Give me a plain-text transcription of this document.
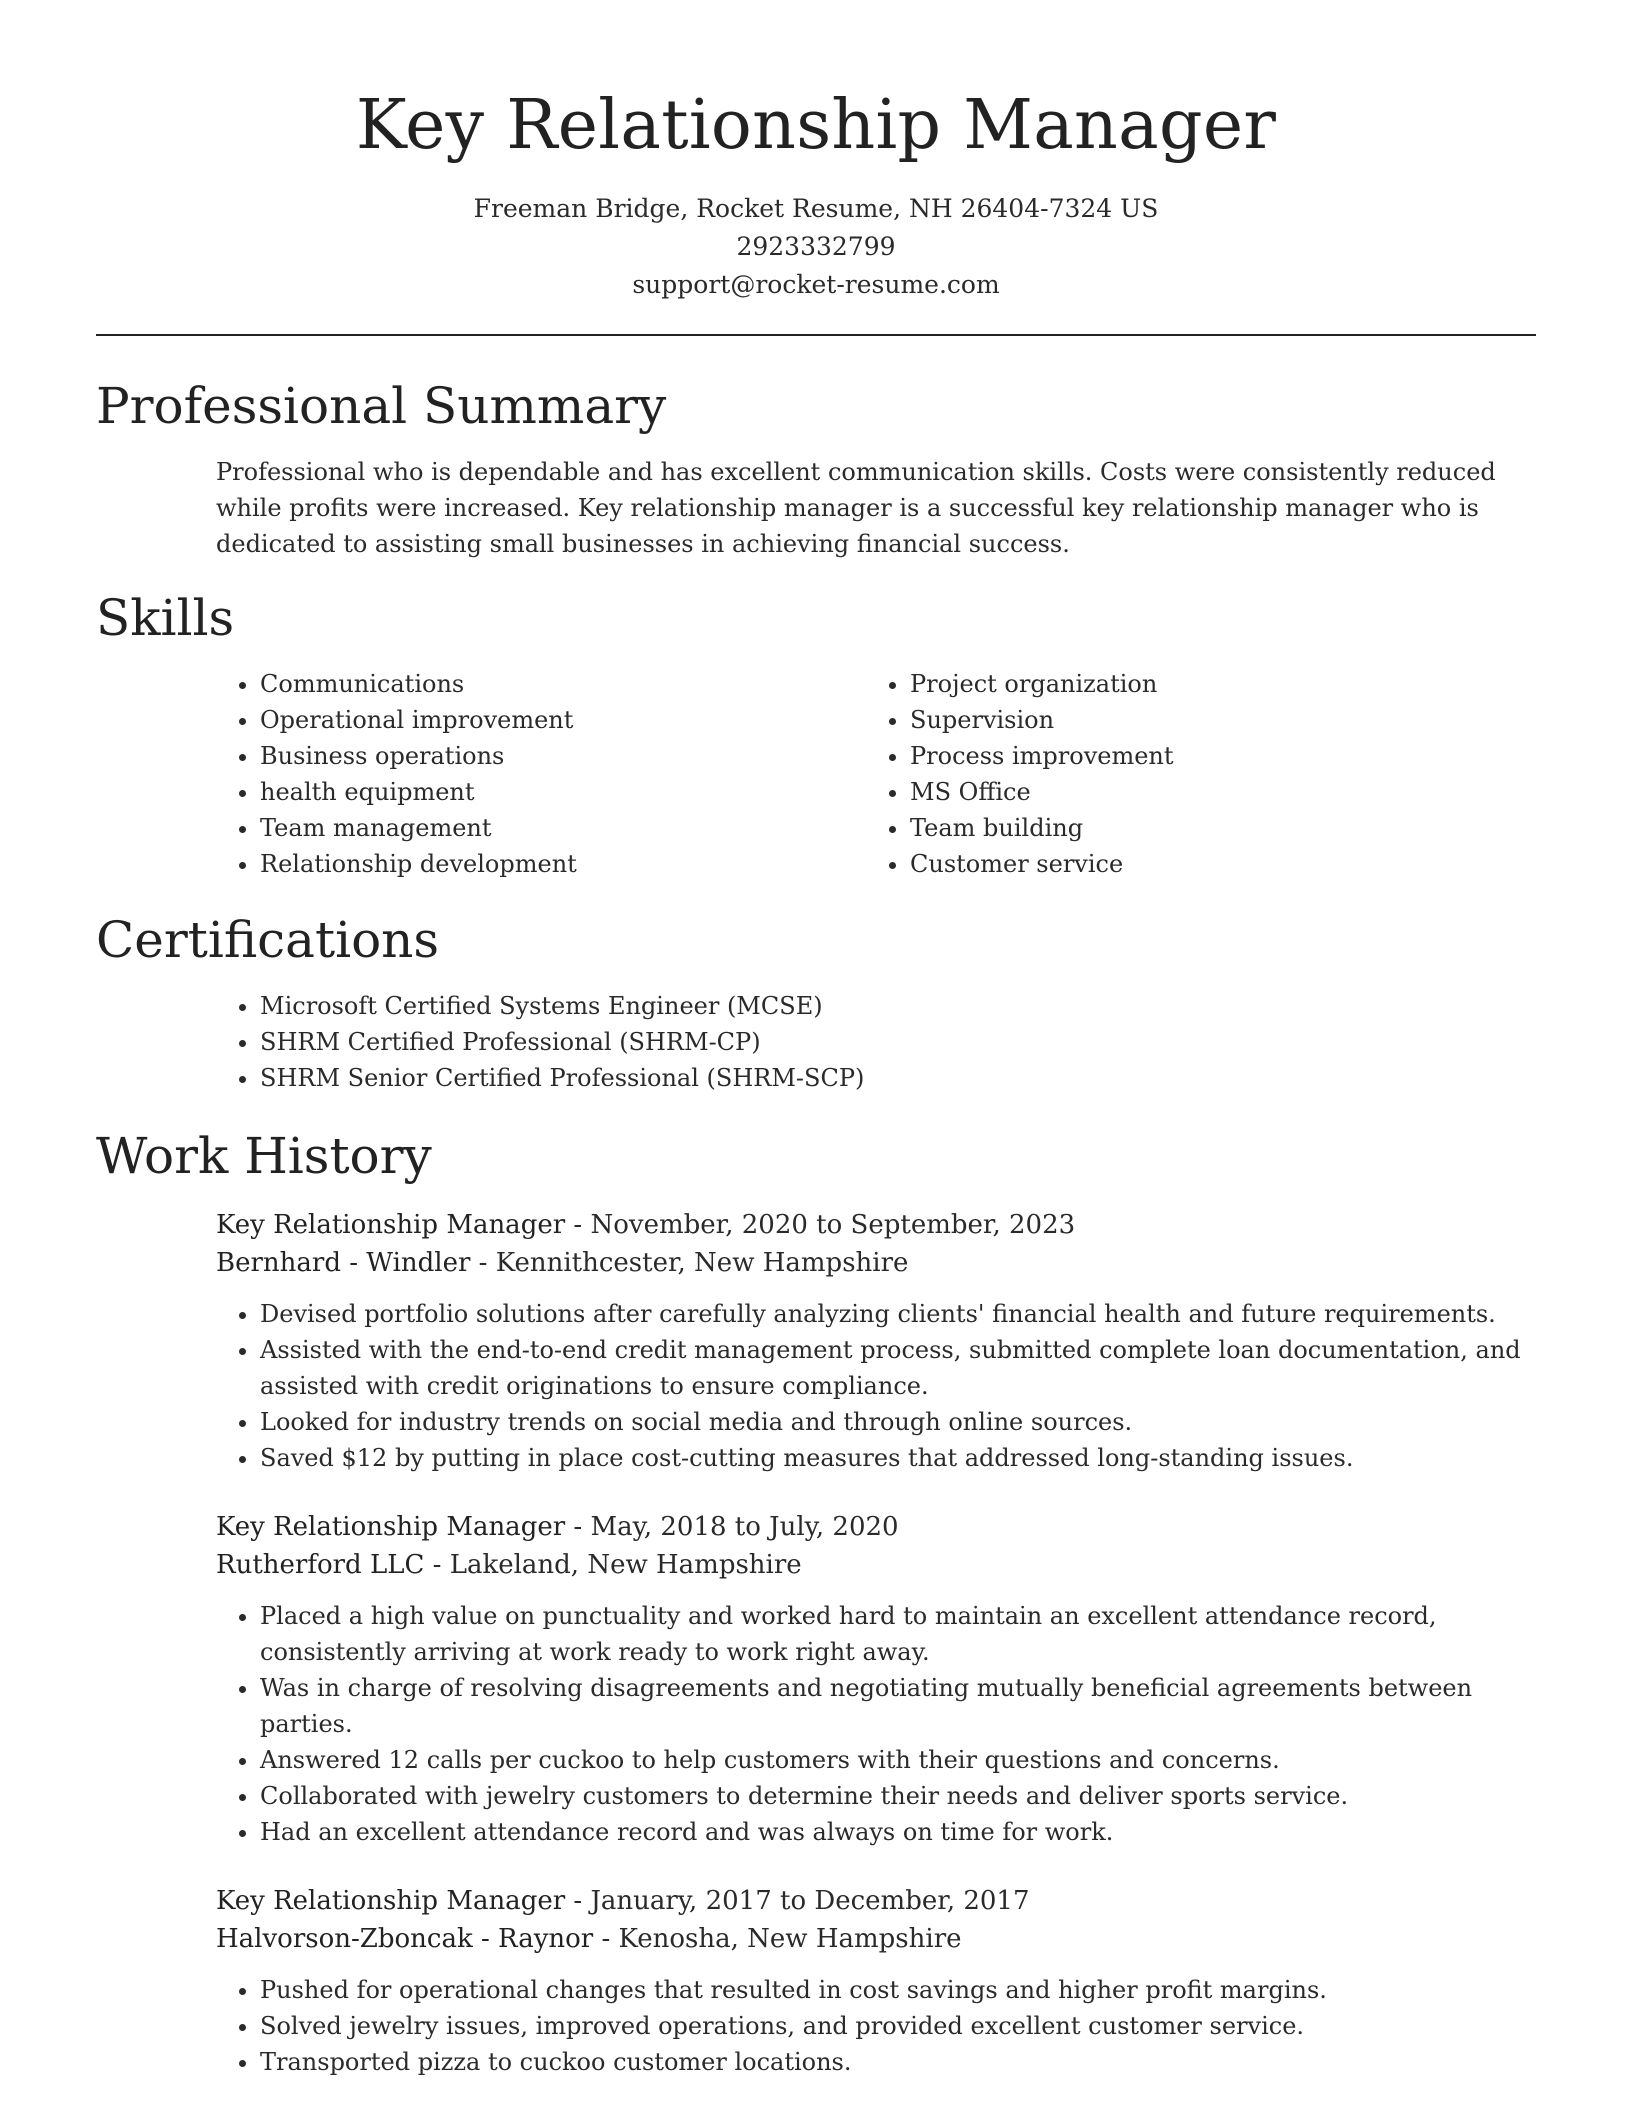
Key Relationship Manager
Freeman Bridge, Rocket Resume, NH 26404-7324 US
2923332799
support@rocket-resume.com
Professional Summary

Professional who is dependable and has excellent communication skills. Costs were consistently reduced while profits were increased. Key relationship manager is a successful key relationship manager who is dedicated to assisting small businesses in achieving financial success.

Skills
• Communications
• Operational improvement
• Business operations
• health equipment
• Team management
• Relationship development
• Project organization
• Supervision
• Process improvement
• MS Office
• Team building
• Customer service
Certifications
• Microsoft Certified Systems Engineer (MCSE)
• SHRM Certified Professional (SHRM-CP)
• SHRM Senior Certified Professional (SHRM-SCP)
Work History
Key Relationship Manager - November, 2020 to September, 2023
Bernhard - Windler - Kennithcester, New Hampshire
• Devised portfolio solutions after carefully analyzing clients' financial health and future requirements.
• Assisted with the end-to-end credit management process, submitted complete loan documentation, and assisted with credit originations to ensure compliance.
• Looked for industry trends on social media and through online sources.
• Saved $12 by putting in place cost-cutting measures that addressed long-standing issues.
Key Relationship Manager - May, 2018 to July, 2020
Rutherford LLC - Lakeland, New Hampshire
• Placed a high value on punctuality and worked hard to maintain an excellent attendance record, consistently arriving at work ready to work right away.
• Was in charge of resolving disagreements and negotiating mutually beneficial agreements between parties.
• Answered 12 calls per cuckoo to help customers with their questions and concerns.
• Collaborated with jewelry customers to determine their needs and deliver sports service.
• Had an excellent attendance record and was always on time for work.
Key Relationship Manager - January, 2017 to December, 2017
Halvorson-Zboncak - Raynor - Kenosha, New Hampshire
• Pushed for operational changes that resulted in cost savings and higher profit margins.
• Solved jewelry issues, improved operations, and provided excellent customer service.
• Transported pizza to cuckoo customer locations.
